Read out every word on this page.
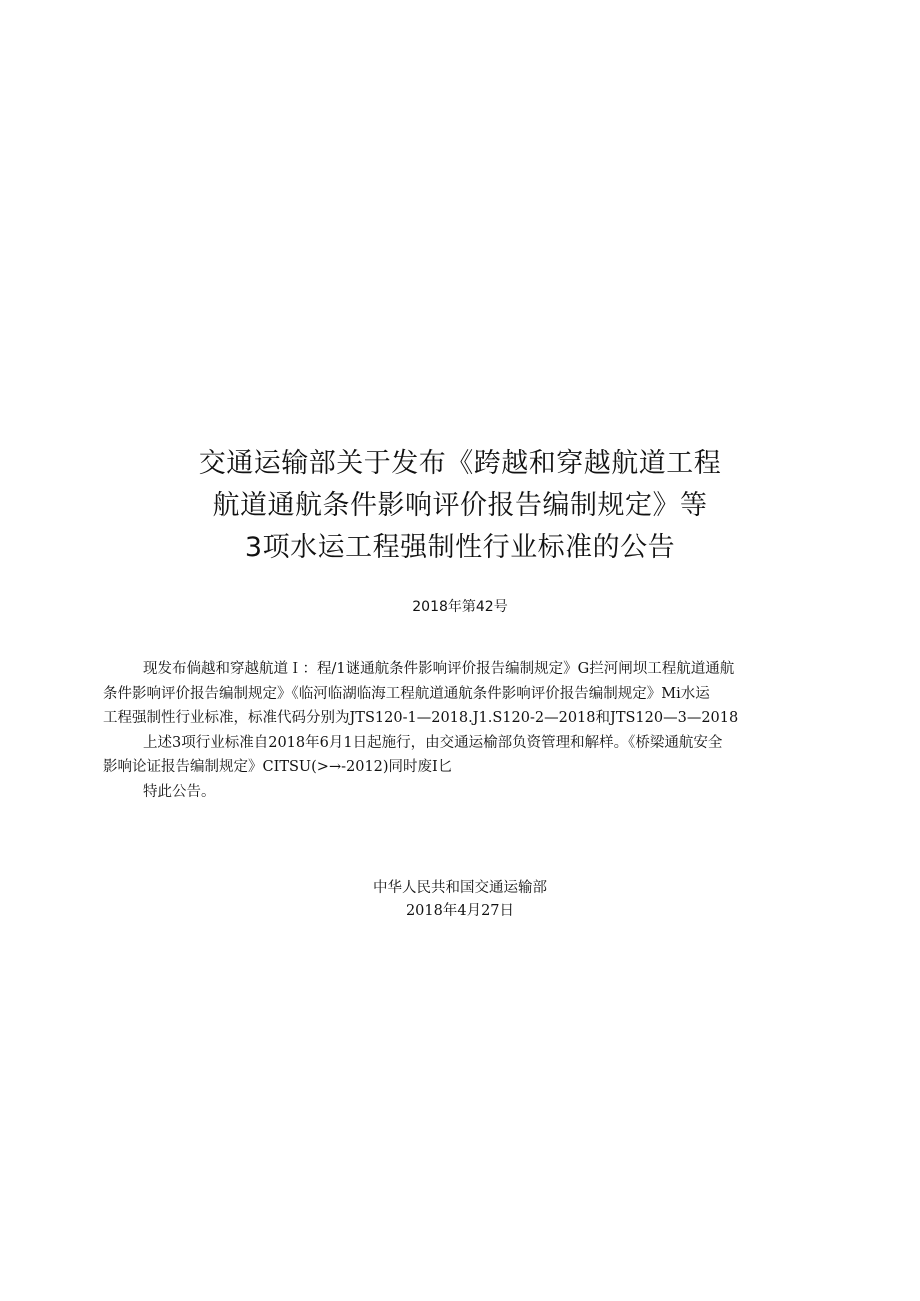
交通运输部关于发布《跨越和穿越航道工程
航道通航条件影响评价报告编制规定》等
3项水运工程强制性行业标准的公告
2018年第42号
现发布倘越和穿越航道Ｉ：程/1谜通航条件影响评价报告编制规定》G拦河闸坝工程航道通航
条件影响评价报告编制规定》《临河临湖临海工程航道通航条件影响评价报告编制规定》Mi水运
工程强制性行业标准，标准代码分别为JTS120-1—2018.J1.S120-2—2018和JTS120—3—2018
上述3项行业标准自2018年6月1日起施行，由交通运榆部负资管理和解样。《桥梁通航安全
影响论证报告编制规定》CITSU(>→-2012)同时废I匕
特此公告。
中华人民共和国交通运输部
2018年4月27日
